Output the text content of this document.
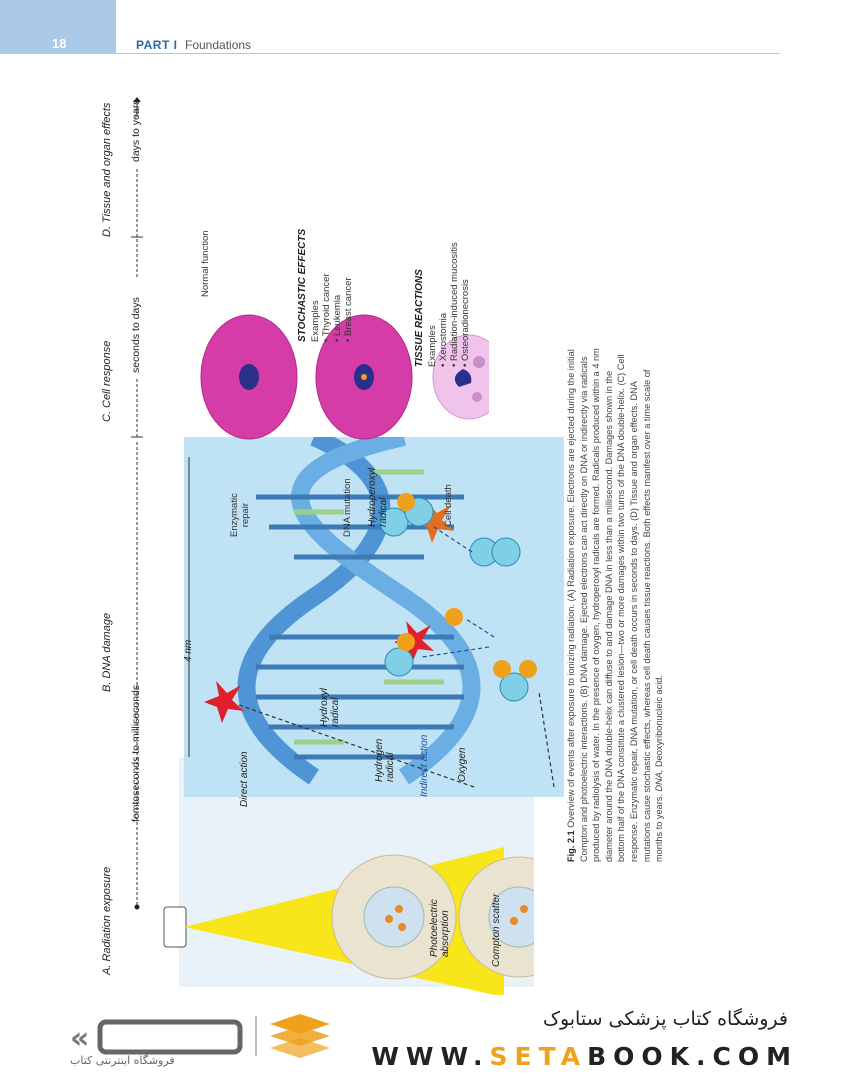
18	PART I Foundations
A. Radiation exposure
B. DNA damage
C. Cell response
D. Tissue and organ effects
femtoseconds to milliseconds
seconds to days
days to years
Photoelectric
absorption	Compton scatter
4 nm
Direct action	Indirect action
Hydroxyl
radical
Hydrogen
radical
Hydroperoxyl
radical
Oxygen
Enzymatic
repair	DNA mutation	Cell death
Normal function	STOCHASTIC EFFECTS Examples • Thyroid cancer • Leukemia • Breast cancer	TISSUE REACTIONS Examples • Xerostomia • Radiation-induced mucositis • Osteoradionecrosis
Fig. 2.1 Overview of events after exposure to ionizing radiation. (A) Radiation exposure. Electrons are ejected during the initial Compton and photoelectric interactions. (B) DNA damage. Ejected electrons can act directly on DNA or indirectly via radicals produced by radiolysis of water. In the presence of oxygen, hydroperoxyl radicals are formed. Radicals produced within a 4 nm diameter around the DNA double-helix can diffuse to and damage DNA in less than a millisecond. Damages shown in the bottom half of the DNA constitute a clustered lesion—two or more damages within two turns of the DNA double-helix. (C) Cell response. Enzymatic repair, DNA mutation, or cell death occurs in seconds to days. (D) Tissue and organ effects. DNA mutations cause stochastic effects, whereas cell death causes tissue reactions. Both effects manifest over a time scale of months to years. DNA, Deoxyribonucleic acid.
«
فروشگاه اینترنتی کتاب
فروشگاه کتاب پزشکی ستابوک
WWW.SETABOOK.COM
